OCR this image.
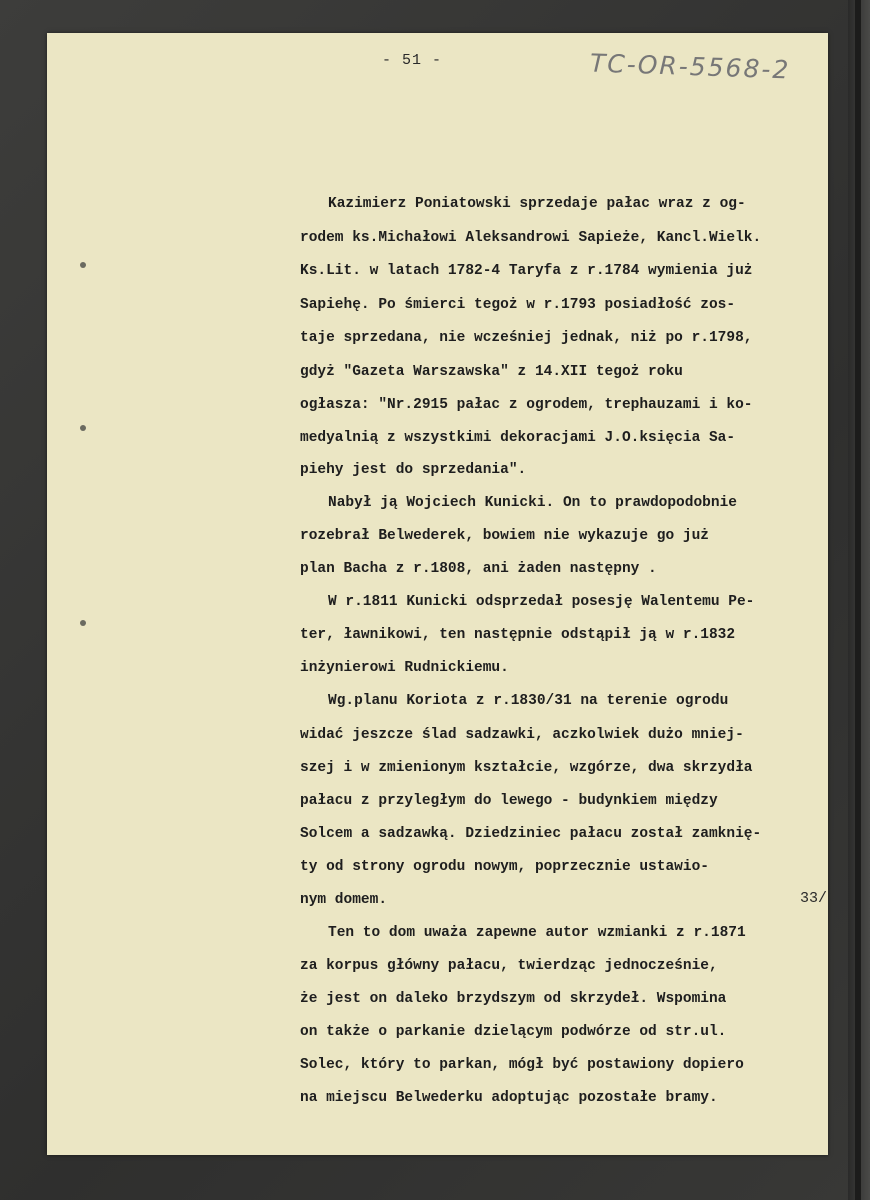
- 51 -	TC-OR-5568-2
33/
Kazimierz Poniatowski sprzedaje pałac wraz z og-
rodem ks.Michałowi Aleksandrowi Sapieże, Kancl.Wielk.
Ks.Lit. w latach 1782-4 Taryfa z r.1784 wymienia już
Sapiehę. Po śmierci tegoż w r.1793 posiadłość zos-
taje sprzedana, nie wcześniej jednak, niż po r.1798,
gdyż "Gazeta Warszawska" z 14.XII tegoż roku
ogłasza: "Nr.2915 pałac z ogrodem, trephauzami i ko-
medyalnią z wszystkimi dekoracjami J.O.księcia Sa-
piehy jest do sprzedania".
Nabył ją Wojciech Kunicki. On to prawdopodobnie
rozebrał Belwederek, bowiem nie wykazuje go już
plan Bacha z r.1808, ani żaden następny .
W r.1811 Kunicki odsprzedał posesję Walentemu Pe-
ter, ławnikowi, ten następnie odstąpił ją w r.1832
inżynierowi Rudnickiemu.
Wg.planu Koriota z r.1830/31 na terenie ogrodu
widać jeszcze ślad sadzawki, aczkolwiek dużo mniej-
szej i w zmienionym kształcie, wzgórze, dwa skrzydła
pałacu z przyległym do lewego - budynkiem między
Solcem a sadzawką. Dziedziniec pałacu został zamknię-
ty od strony ogrodu nowym, poprzecznie ustawio-
nym domem.
Ten to dom uważa zapewne autor wzmianki z r.1871
za korpus główny pałacu, twierdząc jednocześnie,
że jest on daleko brzydszym od skrzydeł. Wspomina
on także o parkanie dzielącym podwórze od str.ul.
Solec, który to parkan, mógł być postawiony dopiero
na miejscu Belwederku adoptując pozostałe bramy.
